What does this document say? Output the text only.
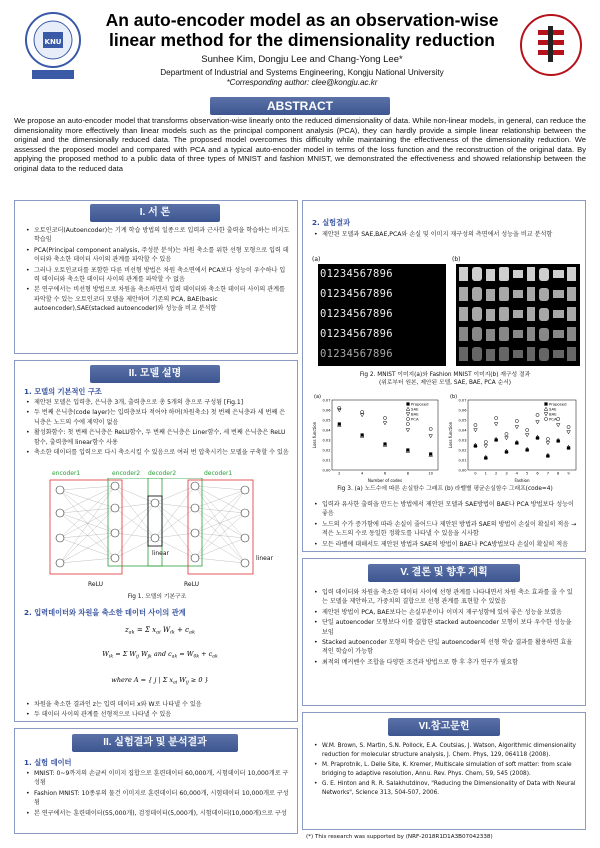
KNU
An auto-encoder model as an observation-wise
linear method for the dimensionality reduction
Sunhee Kim, Dongju Lee and Chang-Yong Lee*
Department of Industrial and Systems Engineering, Kongju National University
*Corresponding author: clee@kongju.ac.kr
ABSTRACT
We propose an auto-encoder model that transforms observation-wise linearly onto the reduced dimensionality of data. While non-linear models, in general, can reduce the dimensionality more effectively than linear models such as the principal component analysis (PCA), they can hardly provide a simple linear relationship between the original and the dimensionally reduced data. The proposed model overcomes this difficulty while maintaining the effectiveness of the dimensionality reduction. We assessed the proposed model and compared with PCA and a typical auto-encoder model in terms of the loss function and the reconstruction of the original data. By applying the proposed method to a public data of three types of MNIST and fashion MNIST, we demonstrated the effectiveness and showed relationship between the original data to the reduced data
I. 서 론
• 오토인코더(Autoencoder)는 기계 학습 방법의 일종으로 입력과 근사한 출력을 학습하는 비지도학습임
• PCA(Principal component analysis, 주성분 분석)는 차원 축소를 위한 선형 모형으로 입력 데이터와 축소한 데이터 사이의 관계를 파악할 수 있음
• 그러나 오토인코더를 포함한 다른 비선형 방법은 차원 축소면에서 PCA보다 성능이 우수하나 입력 데이터와 축소한 데이터 사이의 관계를 파악할 수 없음
• 본 연구에서는 비선형 방법으로 차원을 축소하면서 입력 데이터와 축소한 데이터 사이의 관계를 파악할 수 있는 오토인코더 모델을 제안하며 기존의 PCA, BAE(basic autoencoder),SAE(stacked autoencoder)와 성능을 비교 분석함
II. 모델 설명
1. 모델의 기본적인 구조
• 제안된 모델은 입력층, 은닉층 3개, 출력층으로 총 5개의 층으로 구성됨 [Fig.1]
• 두 번째 은닉층(code layer)는 입력층보다 적어야 하며(차원축소) 첫 번째 은닉층과 세 번째 은닉층은 노드의 수에 제약이 없음
• 활성화함수: 첫 번째 은닉층은 ReLU함수, 두 번째 은닉층은 Liner함수, 세 번째 은닉층은 ReLU함수, 출력층에 linear함수 사용
• 축소한 데이터를 입력으로 다시 축소시킬 수 있음으로 여러 번 압축시키는 모델을 구축할 수 있음
encoder1	encoder2 decoder2	decoder1
ReLU	ReLU
linear
linear
Fig 1. 모델의 기본구조
2. 입력데이터와 차원을 축소한 데이터 사이의 관계
$z_{ak} = \Sigma$ $x_{ai}$ $W_{ik} + c_{ak}$
$W_{ik} = \Sigma$ $W_{ij}$ $W_{jk}$ and $c_{ak} = W_{0k} + c_{ak}$
where A = { j | Σ $x_{ai}$ $W_{ij} \ge 0$ }
• 차원을 축소한 결과인 z는 입력 데이터 x와 W로 나타낼 수 있음
• 두 데이터 사이의 관계를 선형적으로 나타낼 수 있음
II. 실험결과 및 분석결과
1. 실험 데이터
• MNIST: 0~9까지의 손글씨 이미지 집합으로 훈련데이터 60,000개, 시험데이터 10,000개로 구성됨
• Fashion MNIST: 10종류의 물건 이미지로 훈련데이터 60,000개, 시험데이터 10,000개로 구성됨
• 본 연구에서는 훈련데이터(55,000개), 검정데이터(5,000개), 시험데이터(10,000개)으로 구성
2. 실험결과
• 제안된 모델과 SAE,BAE,PCA와 손실 및 이미지 재구성의 측면에서 성능을 비교 분석함
(a)	(b)
01234567896
01234567896
01234567896
01234567896
01234567896
Fig 2. MNIST 이미지(a)와 Fashion MNIST 이미지(b) 재구성 결과
(위로부터 원본, 제안된 모델, SAE, BAE, PCA 순서)
(a)
0.00
0.01
0.02
0.03
0.04
0.05
0.06
0.07
2	4	6	8	10
Number of codes
Loss function
Proposed
SAE
BAE
PCA
(b)
0.00
0.01
0.02
0.03
0.04
0.05
0.06
0.07
0 1 2 3 4 5 6 7 8 9
Fashion
Loss function
Proposed
SAE
BAE
PCA
Fig 3. (a) 노드수에 따른 손실함수 그래프 (b) 라벨별 평균손실함수 그래프(code=4)
• 입력과 유사한 출력을 만드는 방법에서 제안된 모델과 SAE방법이 BAE나 PCA 방법보다 성능이 좋음
• 노드의 수가 증가함에 따라 손실이 줄어드나 제안된 방법과 SAE의 방법이 손실이 확실히 적음 → 적은 노드의 수로 동일한 정확도를 나타낼 수 있음을 시사함
• 모든 라벨에 대해서도 제안된 방법과 SAE의 방법이 BAE나 PCA방법보다 손실이 확실히 적음
V. 결론 및 향후 계획
• 입력 데이터와 차원을 축소한 데이터 사이에 선형 관계를 나타내면서 차원 축소 효과를 줄 수 있는 모델을 제안하고, 가중치의 결합으로 선형 관계를 표현할 수 있었음
• 제안된 방법이 PCA, BAE보다는 손실부분이나 이미지 재구성함에 있어 좋은 성능을 보였음
• 단일 autoencoder 모형보다 이를 결합한 stacked autoencoder 모형이 보다 우수한 성능을 보임
• Stacked autoencoder 모형의 학습은 단일 autoencoder의 선형 학습 결과를 활용하면 효율적인 학습이 가능함
• 최적의 메커벤수 조합을 다양한 조건과 방법으로 향 후 추가 연구가 필요함
VI.참고문헌
• W.M. Brown, S. Martin, S.N. Pollock, E.A. Coutsias, J. Watson, Algorithmic dimensionality reduction for molecular structure analysis, J. Chem. Phys, 129, 064118 (2008).
• M. Praprotnik, L. Delle Site, K. Kremer, Multiscale simulation of soft matter: from scale bridging to adaptive resolution, Annu. Rev. Phys. Chem, 59, 545 (2008).
• G. E. Hinton and R. R. Salakhutdinov, "Reducing the Dimensionality of Data with Neural Networks", Science 313, 504-507, 2006.
(*) This research was supported by (NRF-2018R1D1A3B07042338)
